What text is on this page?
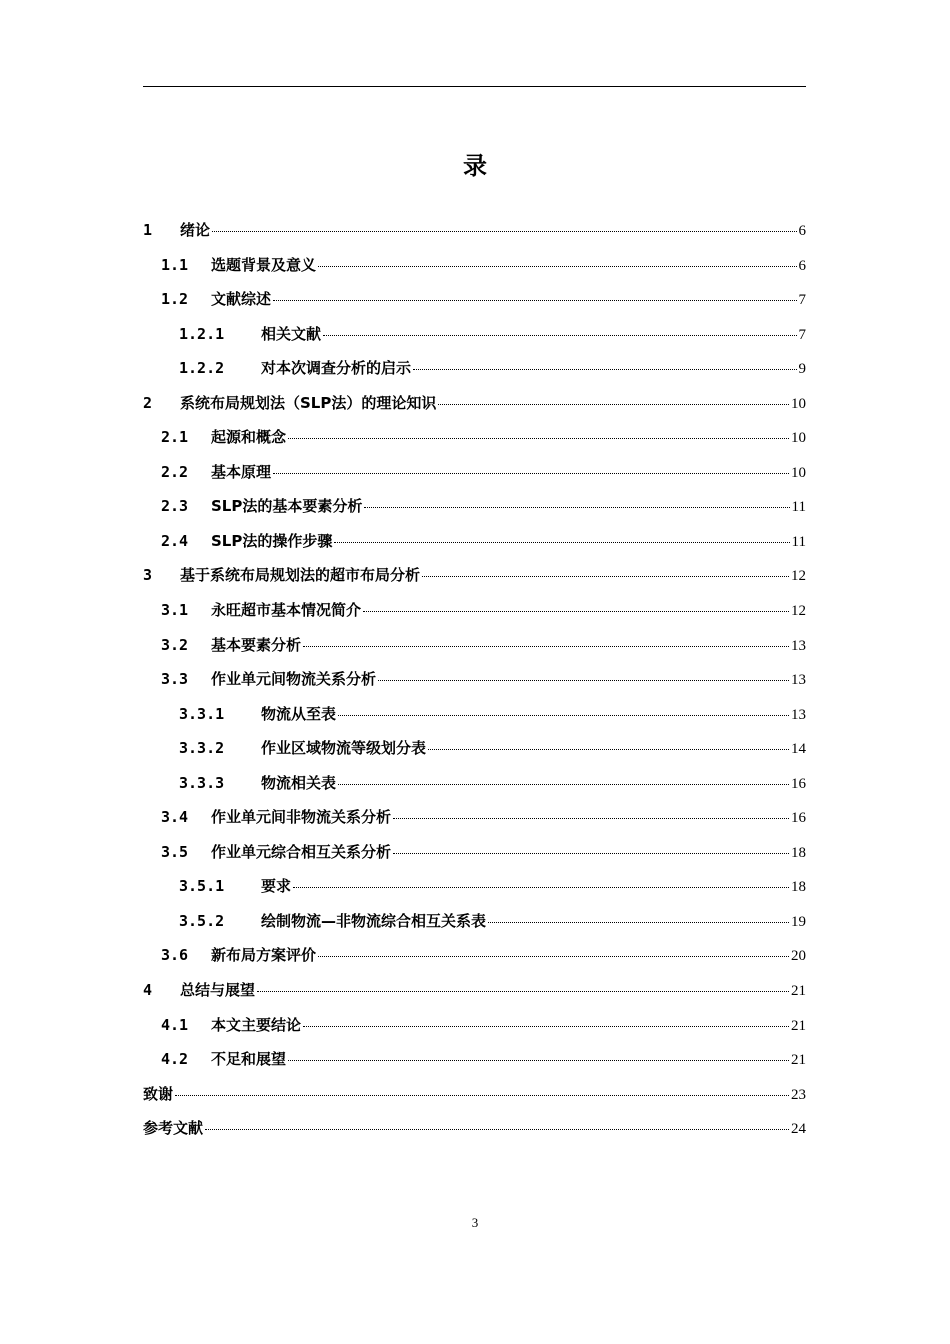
录
1	绪论	6
1.1	选题背景及意义	6
1.2	文献综述	7
1.2.1	相关文献	7
1.2.2	对本次调查分析的启示	9
2	系统布局规划法（SLP法）的理论知识	10
2.1	起源和概念	10
2.2	基本原理	10
2.3	SLP法的基本要素分析	11
2.4	SLP法的操作步骤	11
3	基于系统布局规划法的超市布局分析	12
3.1	永旺超市基本情况简介	12
3.2	基本要素分析	13
3.3	作业单元间物流关系分析	13
3.3.1	物流从至表	13
3.3.2	作业区域物流等级划分表	14
3.3.3	物流相关表	16
3.4	作业单元间非物流关系分析	16
3.5	作业单元综合相互关系分析	18
3.5.1	要求	18
3.5.2	绘制物流—非物流综合相互关系表	19
3.6	新布局方案评价	20
4	总结与展望	21
4.1	本文主要结论	21
4.2	不足和展望	21
致谢	23
参考文献	24
3
